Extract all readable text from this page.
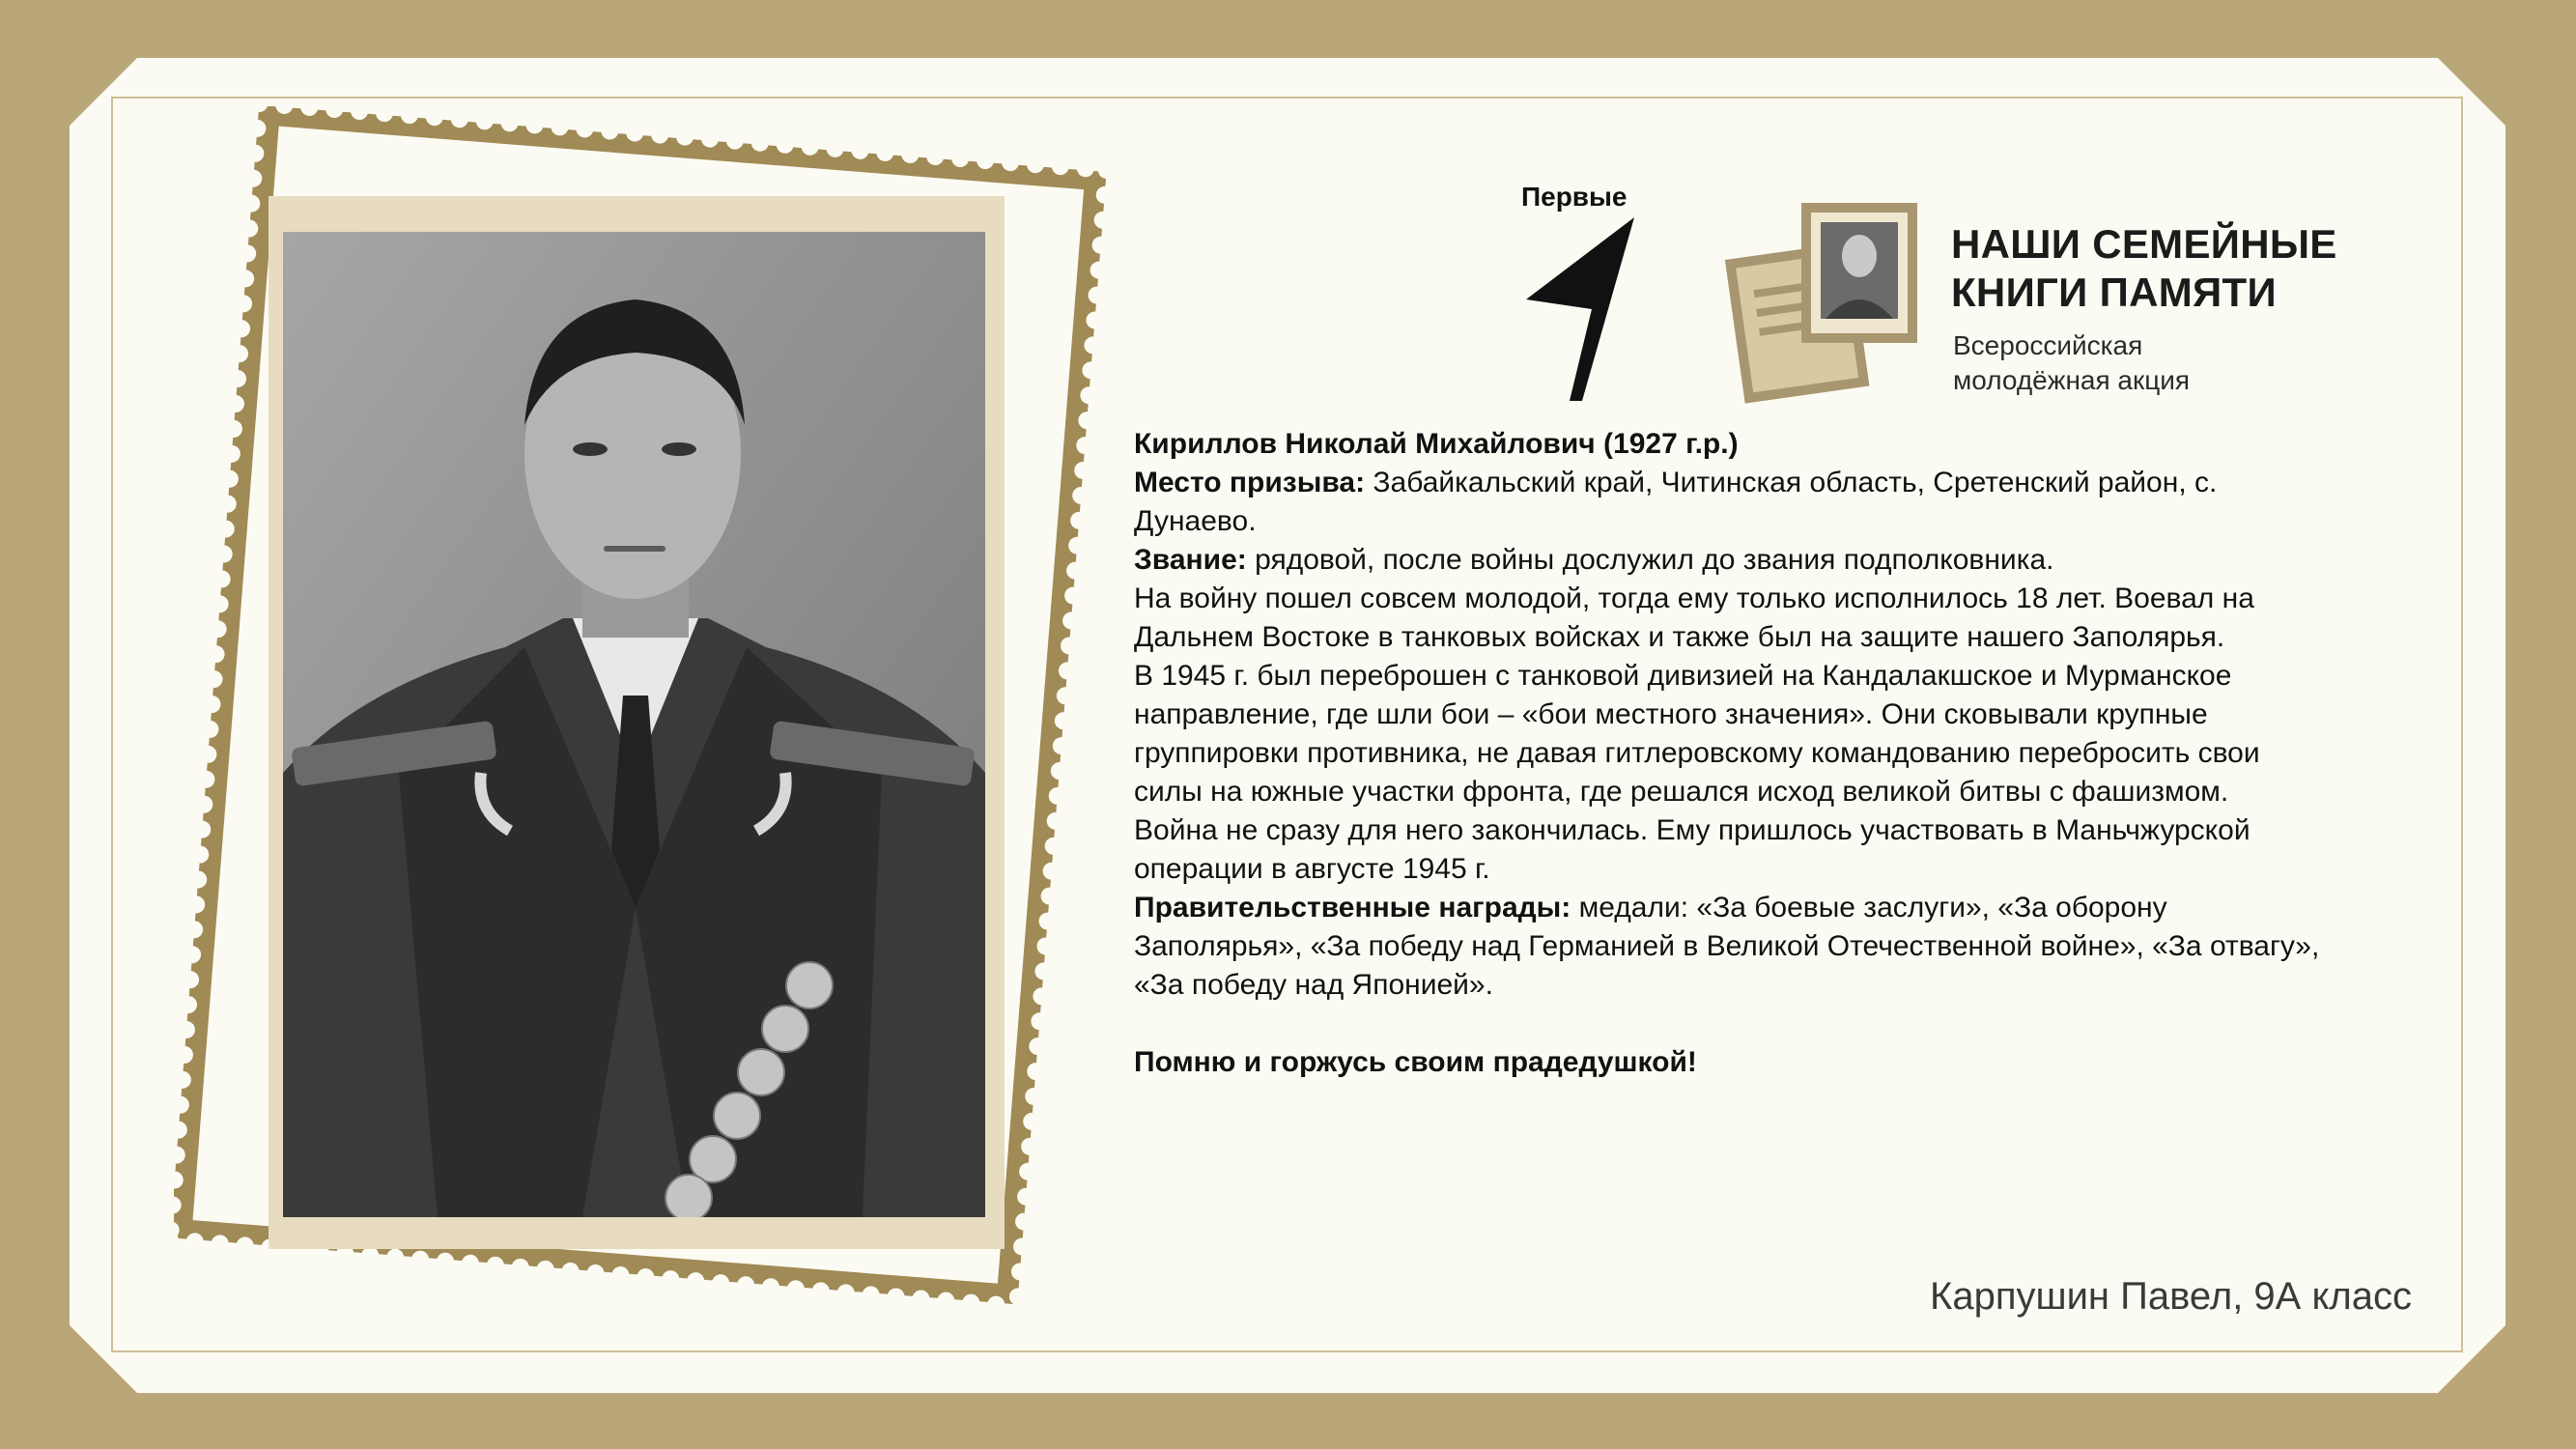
Первые
НАШИ СЕМЕЙНЫЕ
КНИГИ ПАМЯТИ
Всероссийская
молодёжная акция

Кириллов Николай Михайлович (1927 г.р.)

Место призыва: Забайкальский край, Читинская область, Сретенский район, с. Дунаево.

Звание: рядовой, после войны дослужил до звания подполковника.

На войну пошел совсем молодой, тогда ему только исполнилось 18 лет. Воевал на Дальнем Востоке в танковых войсках и также был на защите нашего Заполярья.

В 1945 г. был переброшен с танковой дивизией на Кандалакшское и Мурманское направление, где шли бои – «бои местного значения». Они сковывали крупные группировки противника, не давая гитлеровскому командованию перебросить свои силы на южные участки фронта, где решался исход великой битвы с фашизмом.

Война не сразу для него закончилась. Ему пришлось участвовать в Маньчжурской операции в августе 1945 г.

Правительственные награды: медали: «За боевые заслуги», «За оборону Заполярья», «За победу над Германией в Великой Отечественной войне», «За отвагу», «За победу над Японией».

Помню и горжусь своим прадедушкой!

Карпушин Павел, 9А класс
